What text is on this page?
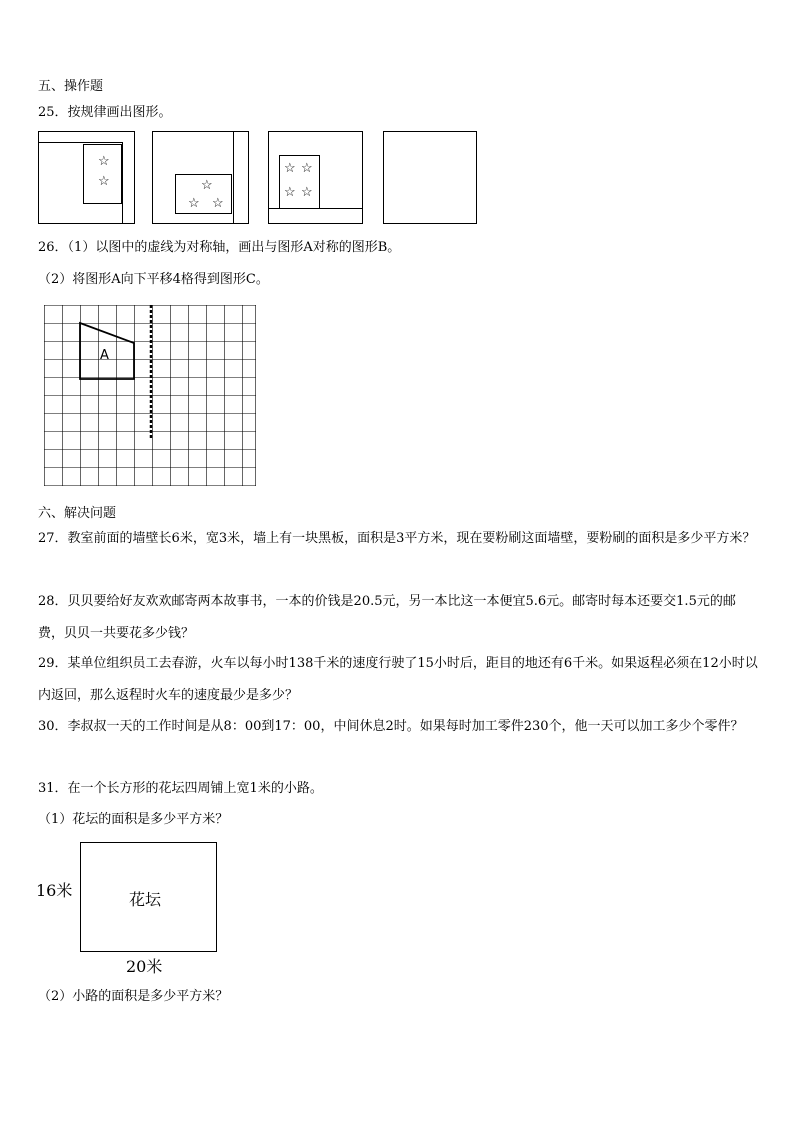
五、操作题
25．按规律画出图形。
☆
☆	☆
☆ ☆
☆ ☆
☆ ☆
26．（1）以图中的虚线为对称轴，画出与图形A对称的图形B。
（2）将图形A向下平移4格得到图形C。
A
六、解决问题
27．教室前面的墙壁长6米，宽3米，墙上有一块黑板，面积是3平方米，现在要粉刷这面墙壁，要粉刷的面积是多少平方米？
28．贝贝要给好友欢欢邮寄两本故事书，一本的价钱是20.5元，另一本比这一本便宜5.6元。邮寄时每本还要交1.5元的邮费，贝贝一共要花多少钱？
29．某单位组织员工去春游，火车以每小时138千米的速度行驶了15小时后，距目的地还有6千米。如果返程必须在12小时以内返回，那么返程时火车的速度最少是多少？
30．李叔叔一天的工作时间是从8：00到17：00，中间休息2时。如果每时加工零件230个，他一天可以加工多少个零件？
31．在一个长方形的花坛四周铺上宽1米的小路。
（1）花坛的面积是多少平方米？
16米	花坛
20米
（2）小路的面积是多少平方米？
